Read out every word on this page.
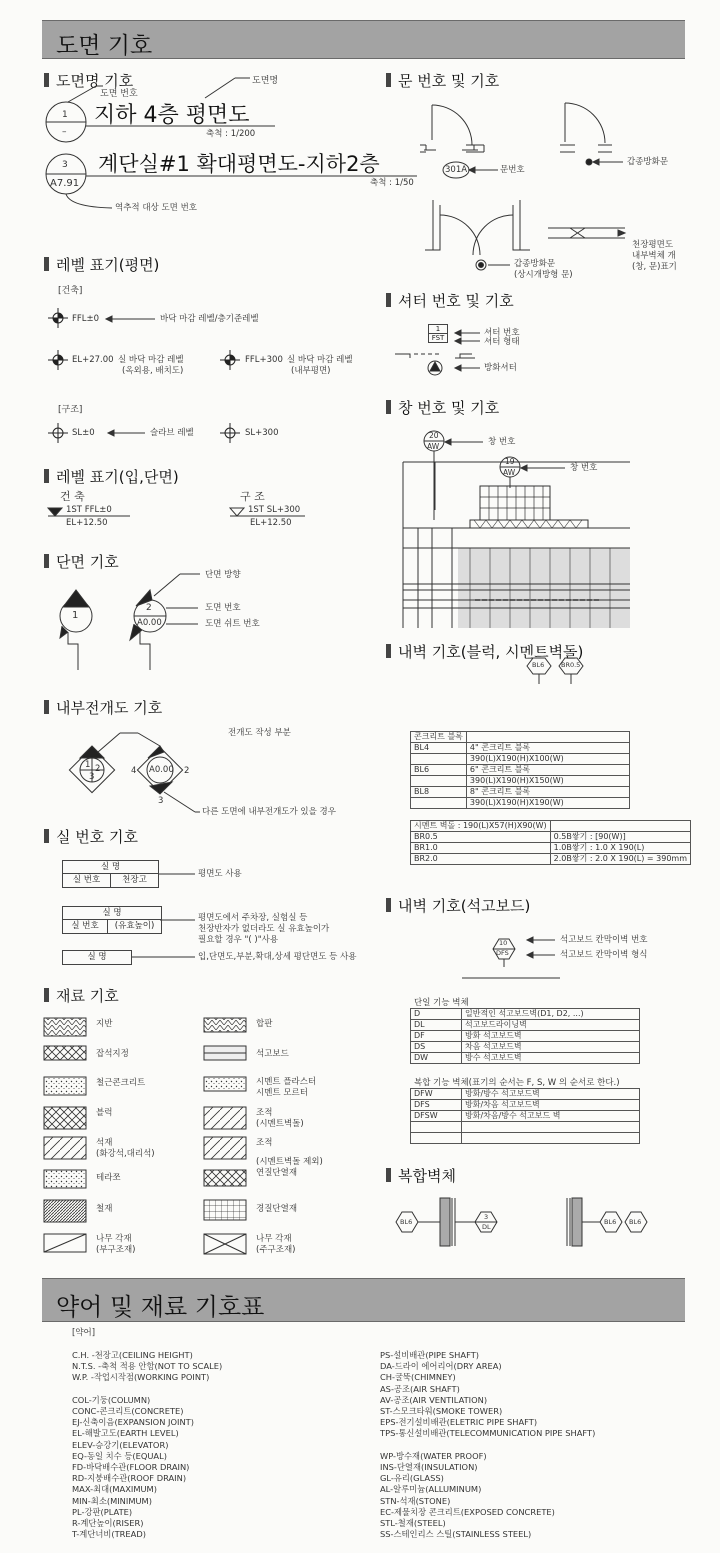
도면 기호
약어 및 재료 기호표
도면명 기호	문 번호 및 기호
레벨 표기(평면)
셔터 번호 및 기호
창 번호 및 기호
레벨 표기(입,단면)
단면 기호
내벽 기호(블럭, 시멘트벽돌)
내부전개도 기호
실 번호 기호
내벽 기호(석고보드)
재료 기호
복합벽체
도면명
도면 번호
지하 4층 평면도
1
–	축척 : 1/200
3
A7.91
계단실#1 확대평면도-지하2층
축척 : 1/50
역추적 대상 도면 번호
[건축]
FFL±0	바닥 마감 레벨/층기준레벨
EL+27.00 실 바닥 마감 레벨
(옥외용, 배치도)
FFL+300 실 바닥 마감 레벨
(내부평면)
[구조]
SL±0	슬라브 레벨	SL+300
건 축
1ST FFL±0
EL+12.50
구 조
1ST SL+300
EL+12.50
단면 방향
1
2
A0.00
도면 번호
도면 쉬트 번호
전개도 작성 부분
1 2
3
A0.00
4	2
3
다른 도면에 내부전개도가 있을 경우
실 명
실 번호	천장고
평면도 사용
실 명
실 번호	(유효높이)
평면도에서 주차장, 실험실 등
천장반자가 없더라도 실 유효높이가
필요할 경우 "( )"사용
실 명	입,단면도,부분,확대,상세 평단면도 등 사용
지반
잡석지정
철근콘크리트
블럭
석재
(화강석,대리석)
테라쪼
철재
나무 각재
(부구조재)
합판
석고보드
시멘트 플라스터
시멘트 모르터
조적
(시멘트벽돌)
조적
(시멘트벽돌 제외)
연질단열재
경질단열재
나무 각재
(주구조재)
301A	문번호
갑종방화문
갑종방화문
(상시개방형 문)
천장평면도
내부벽체 개
(창, 문)표기
1
FST	셔터 번호
셔터 형태
방화셔터
20
AW	창 번호
19
AW	창 번호
BL6	BR0.5
콘크리트 블록	
BL4	4" 콘크리트 블록
	390(L)X190(H)X100(W)
BL6	6" 콘크리트 블록
	390(L)X190(H)X150(W)
BL8	8" 콘크리트 블록
	390(L)X190(H)X190(W)
시멘트 벽돌 : 190(L)X57(H)X90(W)	
BR0.5	0.5B쌓기 : [90(W)]
BR1.0	1.0B쌓기 : 1.0 X 190(L)
BR2.0	2.0B쌓기 : 2.0 X 190(L) = 390mm
10
DFS
석고보드 칸막이벽 번호
석고보드 칸막이벽 형식
단일 기능 벽체
D	일반적인 석고보드벽(D1, D2, ...)
DL	석고보드라이닝벽
DF	방화 석고보드벽
DS	차음 석고보드벽
DW	방수 석고보드벽
복합 기능 벽체(표기의 순서는 F, S, W 의 순서로 한다.)
DFW	방화/방수 석고보드벽
DFS	방화/차음 석고보드벽
DFSW	방화/차음/방수 석고보드 벽

BL6
3
DL
BL6 BL6
[약어]
C.H. -천장고(CEILING HEIGHT)
N.T.S. -축척 적용 안함(NOT TO SCALE)
W.P. -작업시작점(WORKING POINT)

COL-기둥(COLUMN)
CONC-콘크리트(CONCRETE)
EJ-신축이음(EXPANSION JOINT)
EL-해발고도(EARTH LEVEL)
ELEV-승강기(ELEVATOR)
EQ-동일 치수 등(EQUAL)
FD-바닥배수관(FLOOR DRAIN)
RD-지붕배수관(ROOF DRAIN)
MAX-최대(MAXIMUM)
MIN-최소(MINIMUM)
PL-강판(PLATE)
R-계단높이(RISER)
T-계단너비(TREAD)
PS-설비배관(PIPE SHAFT)
DA-드라이 에어리어(DRY AREA)
CH-굴뚝(CHIMNEY)
AS-공조(AIR SHAFT)
AV-공조(AIR VENTILATION)
ST-스모크타워(SMOKE TOWER)
EPS-전기설비배관(ELETRIC PIPE SHAFT)
TPS-통신설비배관(TELECOMMUNICATION PIPE SHAFT)

WP-방수재(WATER PROOF)
INS-단열재(INSULATION)
GL-유리(GLASS)
AL-알루미늄(ALLUMINUM)
STN-석재(STONE)
EC-제물치장 콘크리트(EXPOSED CONCRETE)
STL-철재(STEEL)
SS-스테인리스 스틸(STAINLESS STEEL)
